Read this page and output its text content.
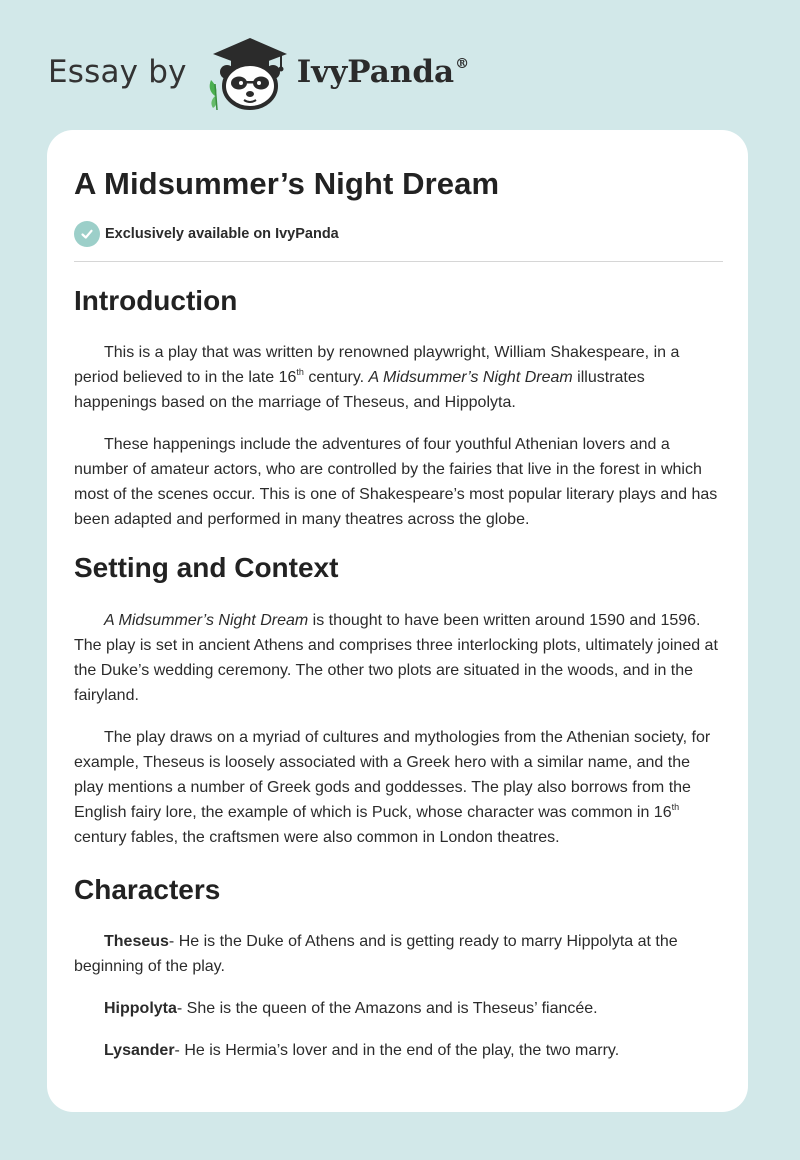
Essay by	IvyPanda®
A Midsummer’s Night Dream
Exclusively available on IvyPanda
Introduction

This is a play that was written by renowned playwright, William Shakespeare, in a period believed to in the late 16th century. A Midsummer’s Night Dream illustrates happenings based on the marriage of Theseus, and Hippolyta.

These happenings include the adventures of four youthful Athenian lovers and a number of amateur actors, who are controlled by the fairies that live in the forest in which most of the scenes occur. This is one of Shakespeare’s most popular literary plays and has been adapted and performed in many theatres across the globe.

Setting and Context

A Midsummer’s Night Dream is thought to have been written around 1590 and 1596. The play is set in ancient Athens and comprises three interlocking plots, ultimately joined at the Duke’s wedding ceremony. The other two plots are situated in the woods, and in the fairyland.

The play draws on a myriad of cultures and mythologies from the Athenian society, for example, Theseus is loosely associated with a Greek hero with a similar name, and the play mentions a number of Greek gods and goddesses. The play also borrows from the English fairy lore, the example of which is Puck, whose character was common in 16th century fables, the craftsmen were also common in London theatres.

Characters

Theseus- He is the Duke of Athens and is getting ready to marry Hippolyta at the beginning of the play.

Hippolyta- She is the queen of the Amazons and is Theseus’ fiancée.

Lysander- He is Hermia’s lover and in the end of the play, the two marry.
